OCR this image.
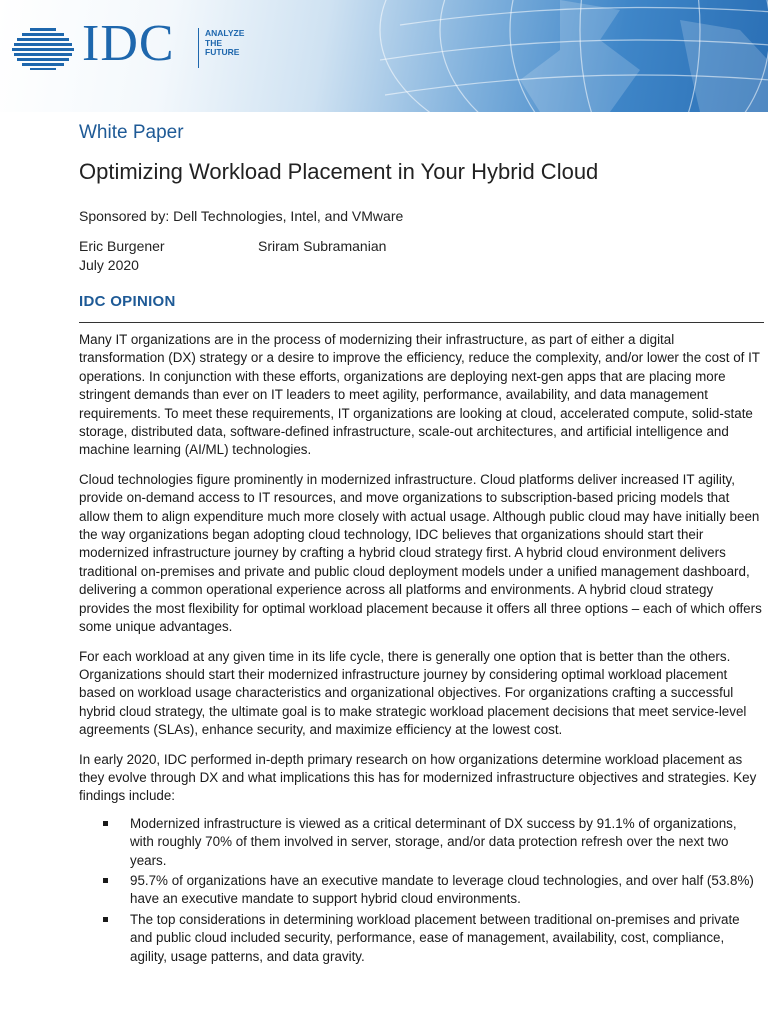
IDC	ANALYZE
THE
FUTURE
White Paper
Optimizing Workload Placement in Your Hybrid Cloud
Sponsored by: Dell Technologies, Intel, and VMware
Eric Burgener	Sriram Subramanian
July 2020
IDC OPINION

Many IT organizations are in the process of modernizing their infrastructure, as part of either a digital transformation (DX) strategy or a desire to improve the efficiency, reduce the complexity, and/or lower the cost of IT operations. In conjunction with these efforts, organizations are deploying next-gen apps that are placing more stringent demands than ever on IT leaders to meet agility, performance, availability, and data management requirements. To meet these requirements, IT organizations are looking at cloud, accelerated compute, solid-state storage, distributed data, software-defined infrastructure, scale-out architectures, and artificial intelligence and machine learning (AI/ML) technologies.

Cloud technologies figure prominently in modernized infrastructure. Cloud platforms deliver increased IT agility, provide on-demand access to IT resources, and move organizations to subscription-based pricing models that allow them to align expenditure much more closely with actual usage. Although public cloud may have initially been the way organizations began adopting cloud technology, IDC believes that organizations should start their modernized infrastructure journey by crafting a hybrid cloud strategy first. A hybrid cloud environment delivers traditional on-premises and private and public cloud deployment models under a unified management dashboard, delivering a common operational experience across all platforms and environments. A hybrid cloud strategy provides the most flexibility for optimal workload placement because it offers all three options – each of which offers some unique advantages.

For each workload at any given time in its life cycle, there is generally one option that is better than the others. Organizations should start their modernized infrastructure journey by considering optimal workload placement based on workload usage characteristics and organizational objectives. For organizations crafting a successful hybrid cloud strategy, the ultimate goal is to make strategic workload placement decisions that meet service-level agreements (SLAs), enhance security, and maximize efficiency at the lowest cost.

In early 2020, IDC performed in-depth primary research on how organizations determine workload placement as they evolve through DX and what implications this has for modernized infrastructure objectives and strategies. Key findings include:

Modernized infrastructure is viewed as a critical determinant of DX success by 91.1% of organizations, with roughly 70% of them involved in server, storage, and/or data protection refresh over the next two years.
95.7% of organizations have an executive mandate to leverage cloud technologies, and over half (53.8%) have an executive mandate to support hybrid cloud environments.
The top considerations in determining workload placement between traditional on-premises and private and public cloud included security, performance, ease of management, availability, cost, compliance, agility, usage patterns, and data gravity.
